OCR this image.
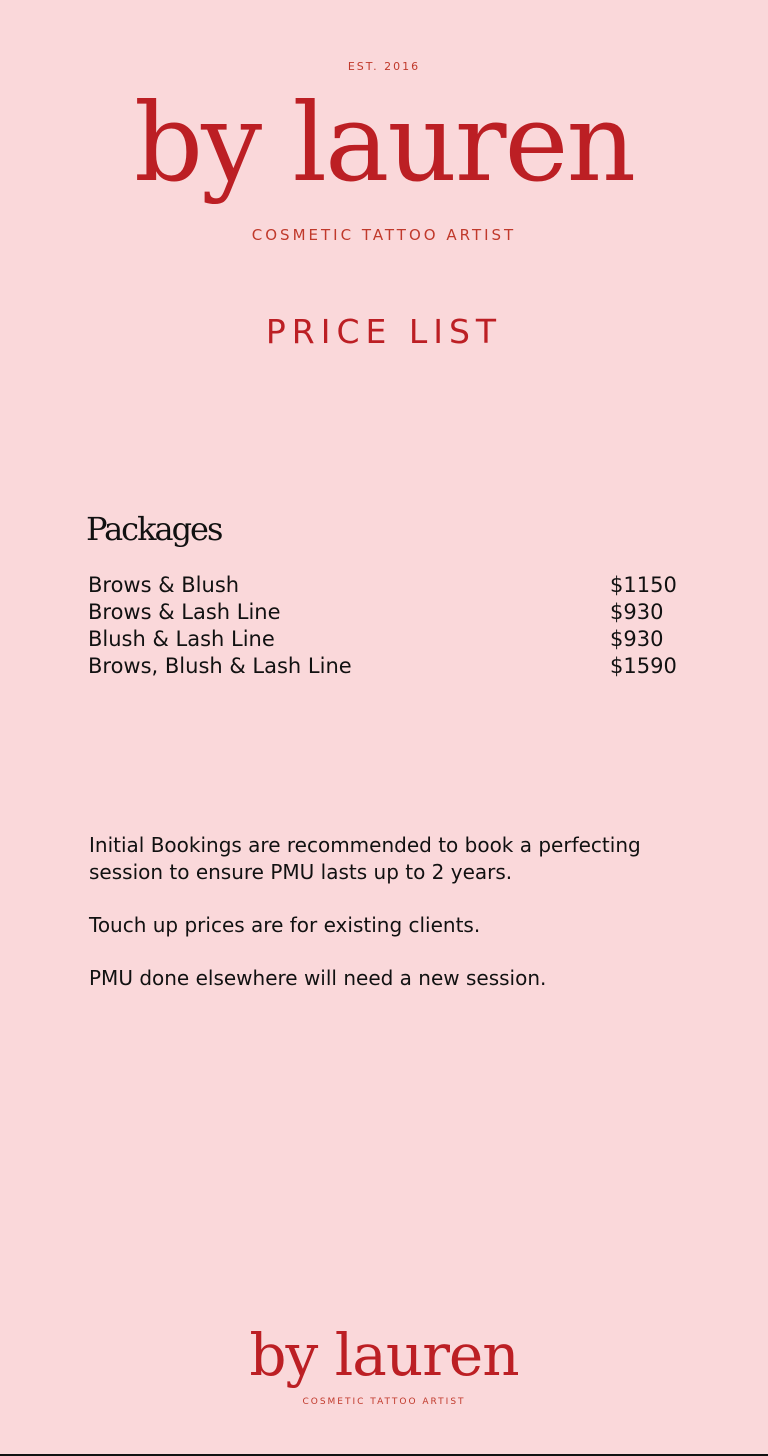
EST. 2016
by lauren
COSMETIC TATTOO ARTIST
PRICE LIST
Packages
Brows & Blush	$1150
Brows & Lash Line	$930
Blush & Lash Line	$930
Brows, Blush & Lash Line	$1590

Initial Bookings are recommended to book a perfecting session to ensure PMU lasts up to 2 years.

Touch up prices are for existing clients.

PMU done elsewhere will need a new session.

by lauren
COSMETIC TATTOO ARTIST
